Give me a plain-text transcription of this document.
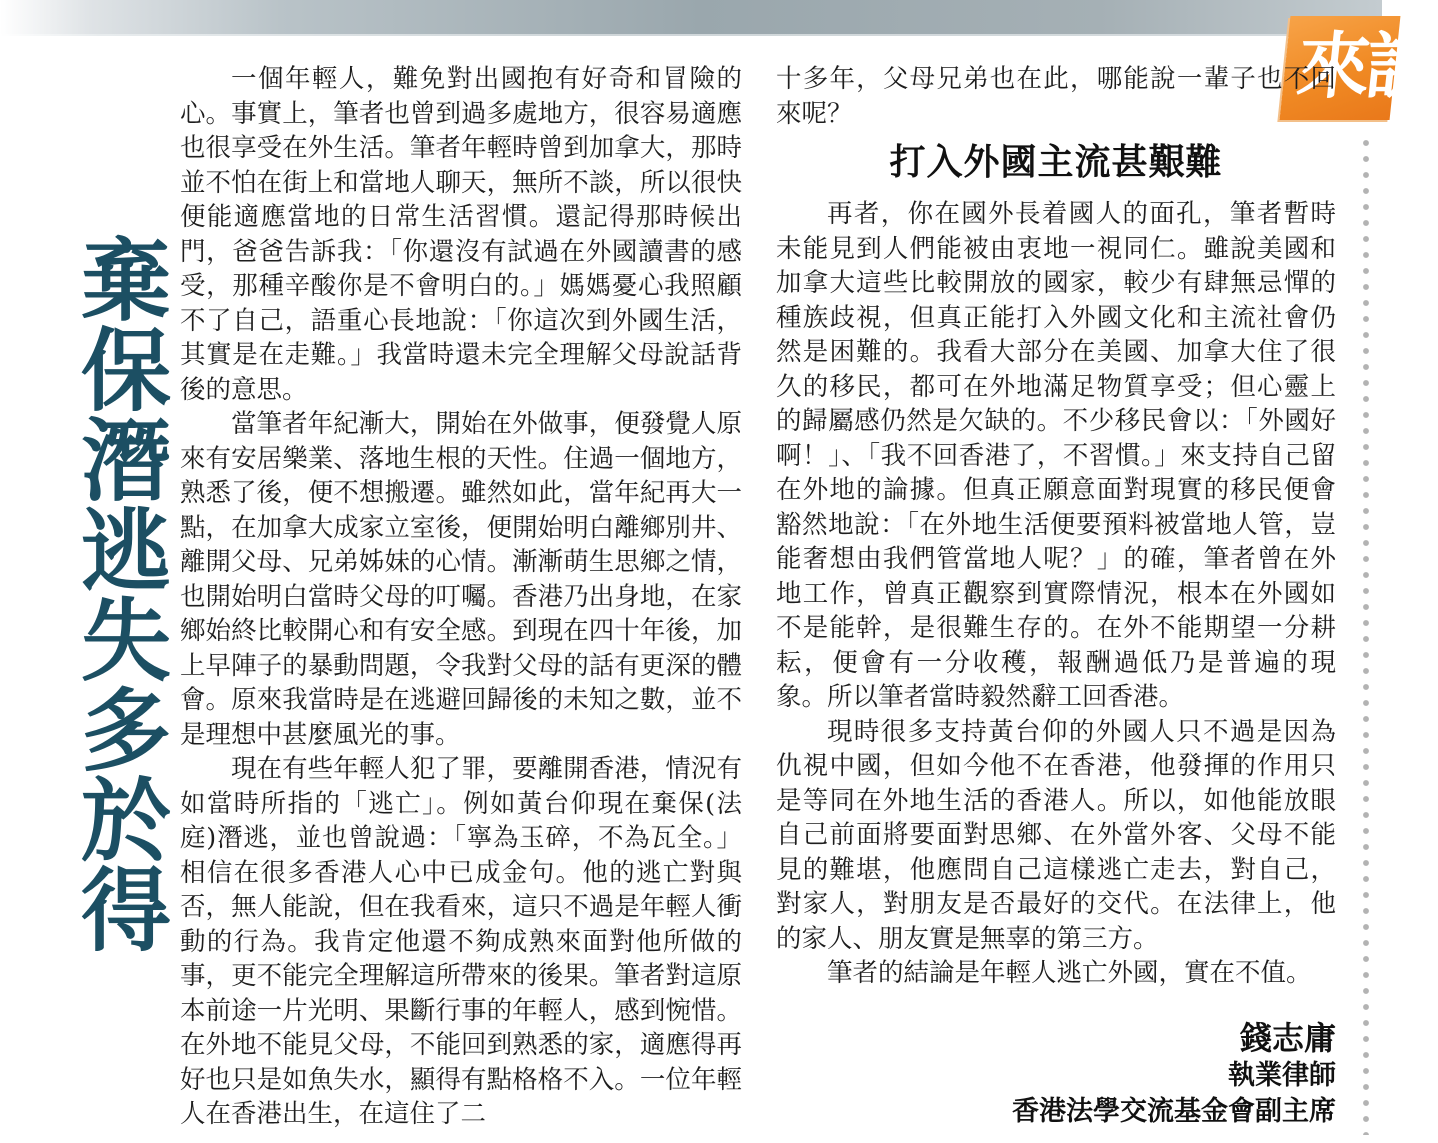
來訓
棄保潛逃失多於得

一個年輕人，難免對出國抱有好奇和冒險的心。事實上，筆者也曾到過多處地方，很容易適應也很享受在外生活。筆者年輕時曾到加拿大，那時並不怕在街上和當地人聊天，無所不談，所以很快便能適應當地的日常生活習慣。還記得那時候出門，爸爸告訴我：「你還沒有試過在外國讀書的感受，那種辛酸你是不會明白的。」媽媽憂心我照顧不了自己，語重心長地說：「你這次到外國生活，其實是在走難。」我當時還未完全理解父母說話背後的意思。

當筆者年紀漸大，開始在外做事，便發覺人原來有安居樂業、落地生根的天性。住過一個地方，熟悉了後，便不想搬遷。雖然如此，當年紀再大一點，在加拿大成家立室後，便開始明白離鄉別井、離開父母、兄弟姊妹的心情。漸漸萌生思鄉之情，也開始明白當時父母的叮囑。香港乃出身地，在家鄉始終比較開心和有安全感。到現在四十年後，加上早陣子的暴動問題，令我對父母的話有更深的體會。原來我當時是在逃避回歸後的未知之數，並不是理想中甚麼風光的事。

現在有些年輕人犯了罪，要離開香港，情況有如當時所指的「逃亡」。例如黃台仰現在棄保(法庭)潛逃，並也曾說過：「寧為玉碎，不為瓦全。」相信在很多香港人心中已成金句。他的逃亡對與否，無人能說，但在我看來，這只不過是年輕人衝動的行為。我肯定他還不夠成熟來面對他所做的事，更不能完全理解這所帶來的後果。筆者對這原本前途一片光明、果斷行事的年輕人，感到惋惜。在外地不能見父母，不能回到熟悉的家，適應得再好也只是如魚失水，顯得有點格格不入。一位年輕人在香港出生，在這住了二

十多年，父母兄弟也在此，哪能說一輩子也不回來呢？

打入外國主流甚艱難

再者，你在國外長着國人的面孔，筆者暫時未能見到人們能被由衷地一視同仁。雖說美國和加拿大這些比較開放的國家，較少有肆無忌憚的種族歧視，但真正能打入外國文化和主流社會仍然是困難的。我看大部分在美國、加拿大住了很久的移民，都可在外地滿足物質享受；但心靈上的歸屬感仍然是欠缺的。不少移民會以：「外國好啊！」、「我不回香港了，不習慣。」來支持自己留在外地的論據。但真正願意面對現實的移民便會豁然地說：「在外地生活便要預料被當地人管，豈能奢想由我們管當地人呢？」的確，筆者曾在外地工作，曾真正觀察到實際情況，根本在外國如不是能幹，是很難生存的。在外不能期望一分耕耘，便會有一分收穫，報酬過低乃是普遍的現象。所以筆者當時毅然辭工回香港。

現時很多支持黃台仰的外國人只不過是因為仇視中國，但如今他不在香港，他發揮的作用只是等同在外地生活的香港人。所以，如他能放眼自己前面將要面對思鄉、在外當外客、父母不能見的難堪，他應問自己這樣逃亡走去，對自己，對家人，對朋友是否最好的交代。在法律上，他的家人、朋友實是無辜的第三方。

筆者的結論是年輕人逃亡外國，實在不值。

錢志庸
執業律師
香港法學交流基金會副主席
